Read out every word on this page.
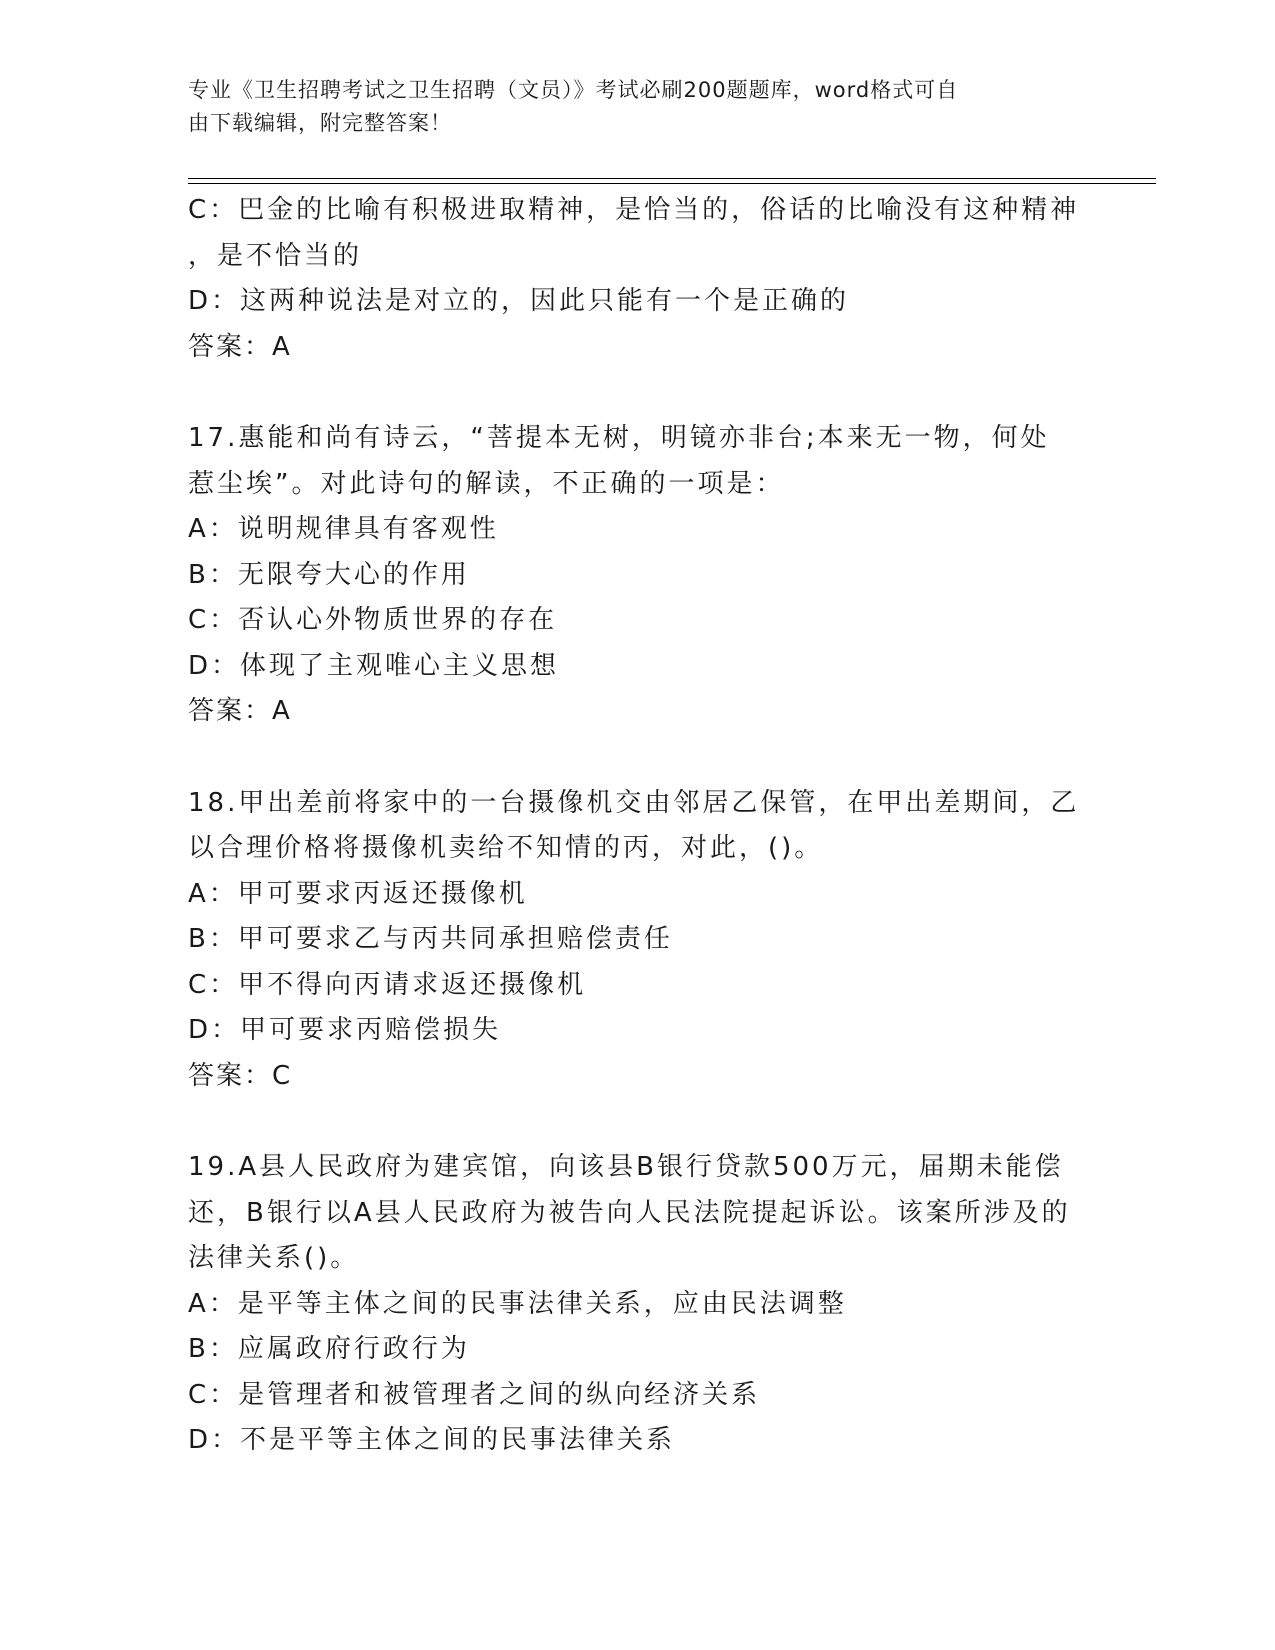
专业《卫生招聘考试之卫生招聘（文员）》考试必刷200题题库，word格式可自
由下载编辑，附完整答案！
C：巴金的比喻有积极进取精神，是恰当的，俗话的比喻没有这种精神
，是不恰当的
D：这两种说法是对立的，因此只能有一个是正确的
答案：A
17.惠能和尚有诗云，“菩提本无树，明镜亦非台;本来无一物，何处
惹尘埃”。对此诗句的解读，不正确的一项是：
A：说明规律具有客观性
B：无限夸大心的作用
C：否认心外物质世界的存在
D：体现了主观唯心主义思想
答案：A
18.甲出差前将家中的一台摄像机交由邻居乙保管，在甲出差期间，乙
以合理价格将摄像机卖给不知情的丙，对此，()。
A：甲可要求丙返还摄像机
B：甲可要求乙与丙共同承担赔偿责任
C：甲不得向丙请求返还摄像机
D：甲可要求丙赔偿损失
答案：C
19.A县人民政府为建宾馆，向该县B银行贷款500万元，届期未能偿
还，B银行以A县人民政府为被告向人民法院提起诉讼。该案所涉及的
法律关系()。
A：是平等主体之间的民事法律关系，应由民法调整
B：应属政府行政行为
C：是管理者和被管理者之间的纵向经济关系
D：不是平等主体之间的民事法律关系
